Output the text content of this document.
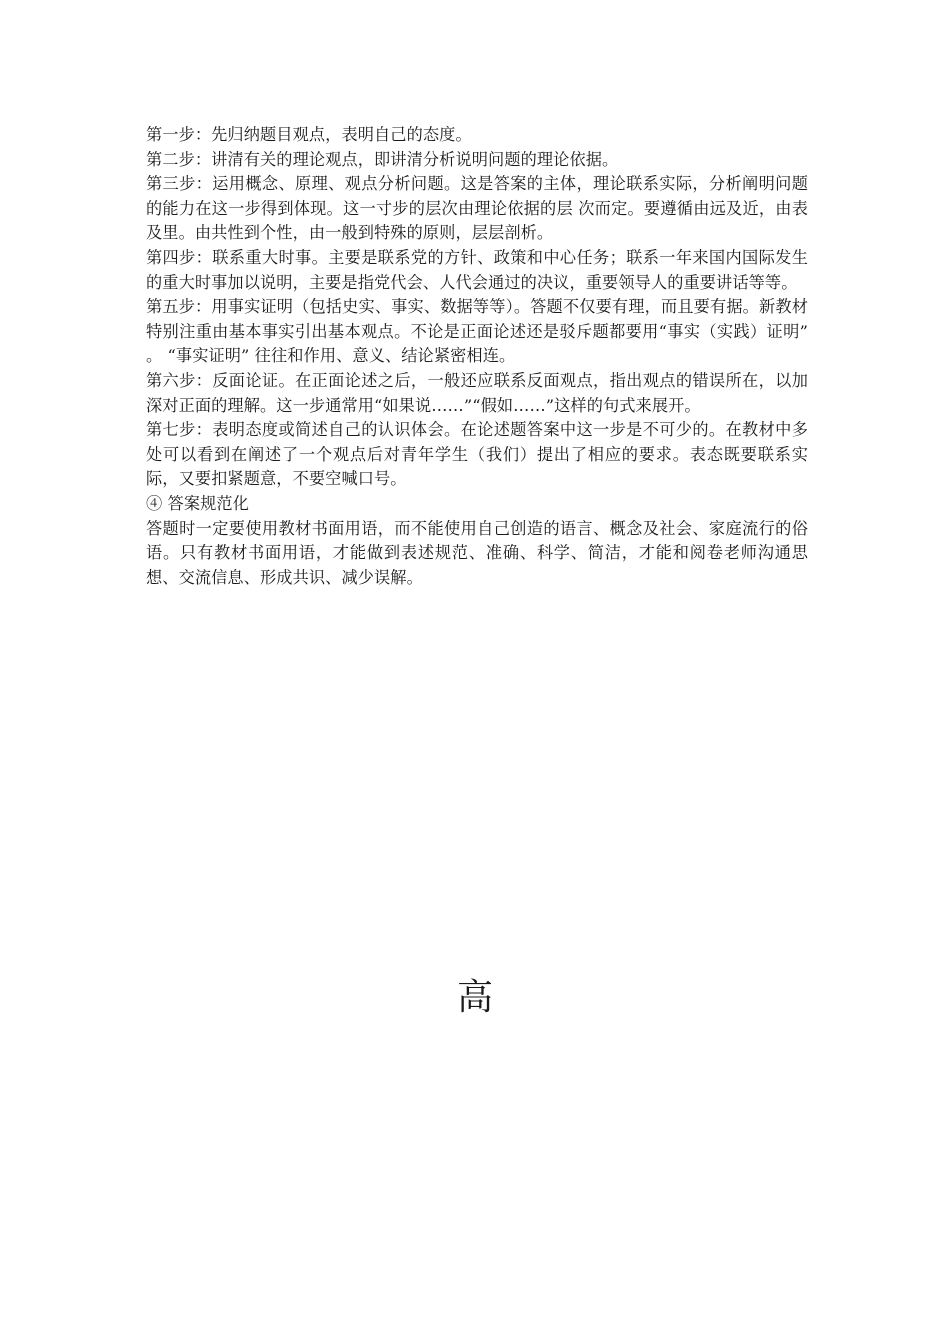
第一步：先归纳题目观点，表明自己的态度。

第二步：讲清有关的理论观点，即讲清分析说明问题的理论依据。

第三步：运用概念、原理、观点分析问题。这是答案的主体，理论联系实际，分析阐明问题的能力在这一步得到体现。这一寸步的层次由理论依据的层 次而定。要遵循由远及近，由表及里。由共性到个性，由一般到特殊的原则，层层剖析。

第四步：联系重大时事。主要是联系党的方针、政策和中心任务；联系一年来国内国际发生的重大时事加以说明，主要是指党代会、人代会通过的决议，重要领导人的重要讲话等等。

第五步：用事实证明（包括史实、事实、数据等等）。答题不仅要有理，而且要有据。新教材特别注重由基本事实引出基本观点。不论是正面论述还是驳斥题都要用“事实（实践）证明” 。 “事实证明” 往往和作用、意义、结论紧密相连。

第六步：反面论证。在正面论述之后，一般还应联系反面观点，指出观点的错误所在，以加深对正面的理解。这一步通常用“如果说……”“假如……”这样的句式来展开。

第七步：表明态度或简述自己的认识体会。在论述题答案中这一步是不可少的。在教材中多处可以看到在阐述了一个观点后对青年学生（我们）提出了相应的要求。表态既要联系实际，又要扣紧题意，不要空喊口号。

④ 答案规范化

答题时一定要使用教材书面用语，而不能使用自己创造的语言、概念及社会、家庭流行的俗语。只有教材书面用语，才能做到表述规范、准确、科学、简洁，才能和阅卷老师沟通思想、交流信息、形成共识、减少误解。

高
